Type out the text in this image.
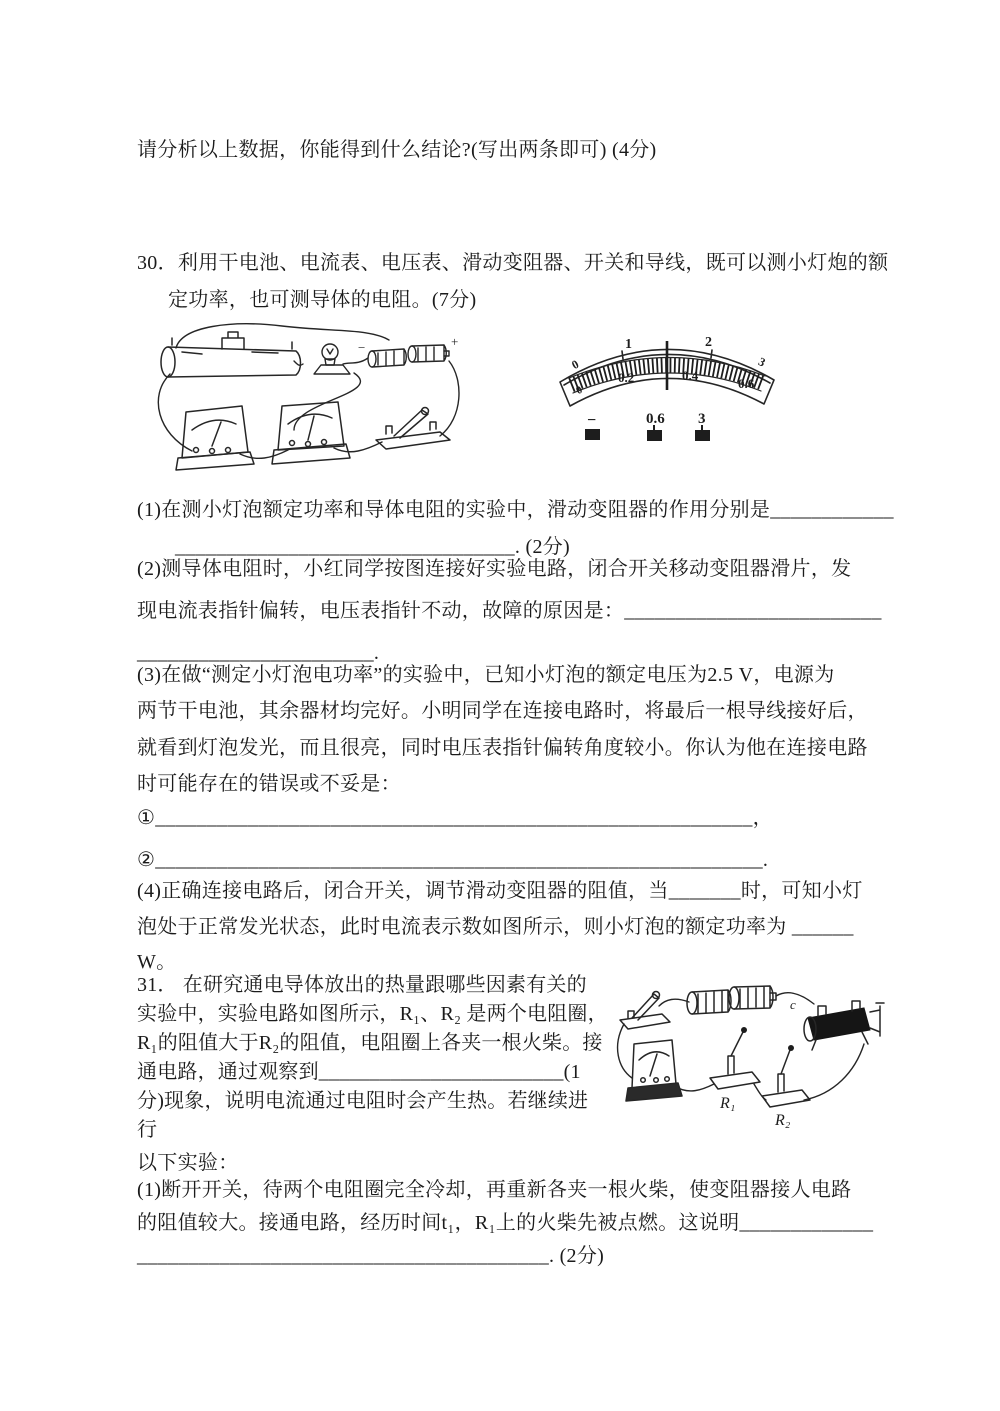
请分析以上数据，你能得到什么结论?(写出两条即可) (4分)
30．利用干电池、电流表、电压表、滑动变阻器、开关和导线，既可以测小灯炮的额
定功率，也可测导体的电阻。(7分)
−	+	1	2
0	3
0
0.2	0.4
0.6
−	0.6 3
(1)在测小灯泡额定功率和导体电阻的实验中，滑动变阻器的作用分别是____________
_________________________________. (2分)
(2)测导体电阻时，小红同学按图连接好实验电路，闭合开关移动变阻器滑片，发
现电流表指针偏转，电压表指针不动，故障的原因是：_________________________
_______________________.
(3)在做“测定小灯泡电功率”的实验中，已知小灯泡的额定电压为2.5 V，电源为
两节干电池，其余器材均完好。小明同学在连接电路时，将最后一根导线接好后，
就看到灯泡发光，而且很亮，同时电压表指针偏转角度较小。你认为他在连接电路
时可能存在的错误或不妥是：
①__________________________________________________________，
②___________________________________________________________.
(4)正确连接电路后，闭合开关，调节滑动变阻器的阻值，当_______时，可知小灯
泡处于正常发光状态，此时电流表示数如图所示，则小灯泡的额定功率为 ______
W。
31． 在研究通电导体放出的热量跟哪些因素有关的
实验中，实验电路如图所示，R₁、R₂ 是两个电阻圈，
R₁的阻值大于R₂的阻值，电阻圈上各夹一根火柴。接
通电路，通过观察到________________________(1
分)现象，说明电流通过电阻时会产生热。若继续进
行
c
R₁
R₂
以下实验：
(1)断开开关，待两个电阻圈完全冷却，再重新各夹一根火柴，使变阻器接人电路
的阻值较大。接通电路，经历时间t₁，R₁上的火柴先被点燃。这说明_____________
________________________________________. (2分)
